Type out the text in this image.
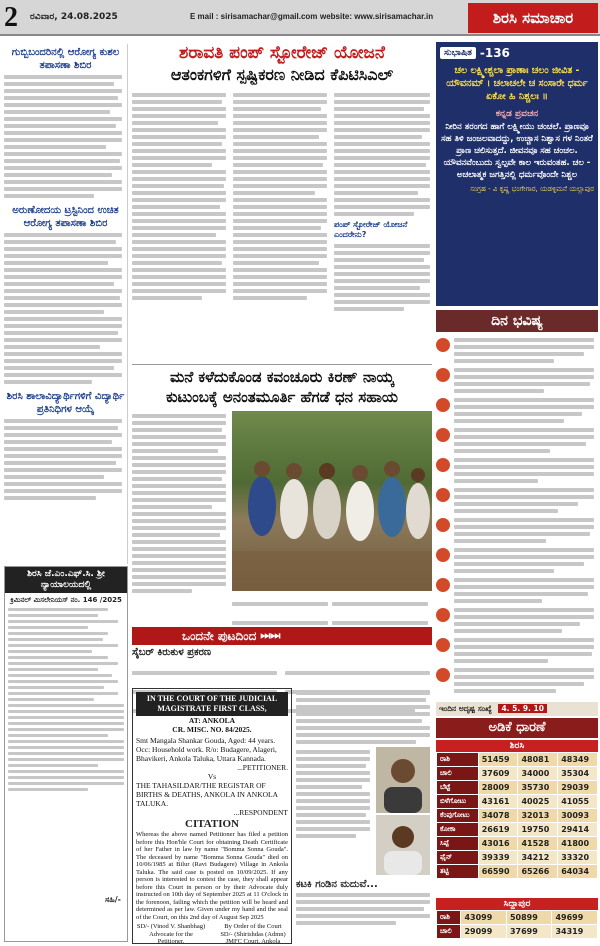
2 ರವಿವಾರ, 24.08.2025	E mail : sirisamachar@gmail.com website: www.sirisamachar.in	ಶಿರಸಿ ಸಮಾಚಾರ
ಗುಬ್ಬಿಬಂದರಿನಲ್ಲಿ ಆರೋಗ್ಯ ಕುಶಲ ತಪಾಸಣಾ ಶಿಬಿರ
ಅರುಣೋದಯ ಟ್ರಸ್ಟಿನಿಂದ ಉಚಿತ ಆರೋಗ್ಯ ತಪಾಸಣಾ ಶಿಬಿರ
ಶಿರಸಿ ಶಾಲಾವಿದ್ಯಾರ್ಥಿಗಳಿಗೆ ವಿದ್ಯಾರ್ಥಿ ಪ್ರತಿನಿಧಿಗಳ ಆಯ್ಕೆ
ಶಿರಸಿ ಜೆ.ಎಂ.ಎಫ್.ಸಿ. ಶ್ರೀ ನ್ಯಾಯಾಲಯದಲ್ಲಿ
ಕ್ರಿಮಿನಲ್ ಮಿಸಲೇನಿಯಸ್ ನಂ. 146 /2025
ಸಹಿ/-
ಶರಾವತಿ ಪಂಪ್ ಸ್ಟೋರೇಜ್ ಯೋಜನೆ
ಆತಂಕಗಳಿಗೆ ಸ್ಪಷ್ಟಿಕರಣ ನೀಡಿದ ಕೆಪಿಟಿಸಿಎಲ್
ಪಂಪ್ ಸ್ಟೋರೇಜ್ ಯೋಜನೆ ಎಂದರೇನು?
ಮನೆ ಕಳೆದುಕೊಂಡ ಕವಂಚೂರು ಕಿರಣ್ ನಾಯ್ಕ
ಕುಟುಂಬಕ್ಕೆ ಅನಂತಮೂರ್ತಿ ಹೆಗಡೆ ಧನ ಸಹಾಯ

ಒಂದನೇ ಪುಟದಿಂದ ⏭⏭
ಸೈಬರ್ ಕಿರುಕುಳ ಪ್ರಕರಣ

IN THE COURT OF THE JUDICIAL MAGISTRATE FIRST CLASS,
AT: ANKOLA
CR. MISC. NO. 84/2025.
Smt Mangala Shankar Gouda, Aged: 44 years. Occ: Household work. R/o: Budagere, Alageri, Bhavikeri, Ankola Taluka, Uttara Kannada.
...PETITIONER.
Vs
THE TAHASILDAR/THE REGISTAR OF BIRTHS & DEATHS, ANKOLA IN ANKOLA TALUKA.
...RESPONDENT
CITATION
Whereas the above named Petitioner has filed a petition before this Hon'ble Court for obtaining Death Certificate of her Father in law by name "Bomma Sonna Gouda". The deceased by name "Bomma Sonna Gouda" died on 10/06/1985 at Bilur (Ravi Budagere) Village in Ankola Taluka. The said case is posted on 10/09/2025. If any person is interested to contest the case, they shall appear before this Court in person or by their Advocate duly instructed on 10th day of September 2025 at 11 O'clock in the forenoon, failing which the petition will be heard and determined as per law. Given under my hand and the seal of the Court, on this 2nd day of August Sep 2025
SD/- (Vinod V. Shanbhag) Advocate for the Petitioner.
By Order of the Court SD/- (Shirishdas (Admn) JMFC Court, Ankola
ಕಟಕಿ ಗಂಡಿನ ಮದುವೆ...
ಸುಭಾಷಿತ -136
ಚಲ ಲಕ್ಷ್ಮೀಶ್ಚಲಾ ಪ್ರಾಣಾಃ ಚಲಂ ಜೀವಿತ - ಯೌವನಮ್ । ಚಲಾಚಲೇ ಚ ಸಂಸಾರೇ ಧರ್ಮ ಏಕೋ ಹಿ ನಿಶ್ಚಲಃ ॥
ಕನ್ನಡ ಪ್ರವಚನ
ನೀರಿನ ತರಂಗದ ಹಾಗೆ ಲಕ್ಷ್ಮೀಯು ಚಂಚಲೆ. ಪ್ರಾಣವೂ ಸಹ ತಿಳಿ ಜಂಜಲವಾದದ್ದು, ಉಚ್ಚಾಸ ನಿಶ್ವಾಸ ಗಳ ನಿಂತರೆ ಪ್ರಾಣ ಚಲಿಸುತ್ತದೆ. ಜೀವನವೂ ಸಹ ಚಂಚಲ. ಯೌವನವೆಂಬುದು ಸ್ವಲ್ಪವೇ ಕಾಲ ಇರುವಂತಹ. ಚಲ - ಅಚಲಾತ್ಮಕ ಜಗತ್ತಿನಲ್ಲಿ ಧರ್ಮವೊಂದೇ ನಿಶ್ಚಲ
ಸಂಗ್ರಹ - ವಿ ಕೃಷ್ಣ ಭಂಗೇಗಾರ, ಯಡಳ್ಳಿಮನೆ ಯಲ್ಲಾಪುರ
ದಿನ ಭವಿಷ್ಯ
ಇಂದಿನ ಅದೃಷ್ಟ ಸಂಖ್ಯೆ 4. 5. 9. 10
ಅಡಿಕೆ ಧಾರಣೆ
ಶಿರಸಿ
ರಾಶಿ	51459	48081	48349
ಚಾಲಿ	37609	34000	35304
ಬೆಟ್ಟೆ	28009	35730	29039
ಬಿಳೆಗೋಟು	43161	40025	41055
ಕೆಂಪುಗೋಟು	34078	32013	30093
ಕೋಕಾ	26619	19750	29414
ಸಿಪ್ಪೆ	43016	41528	41800
ಫೈನ್	39339	34212	33320
ತಟ್ಟಿ	66590	65266	64034
ಸಿದ್ದಾಪುರ
ರಾಶಿ	43099	50899	49699
ಚಾಲಿ	29099	37699	34319
